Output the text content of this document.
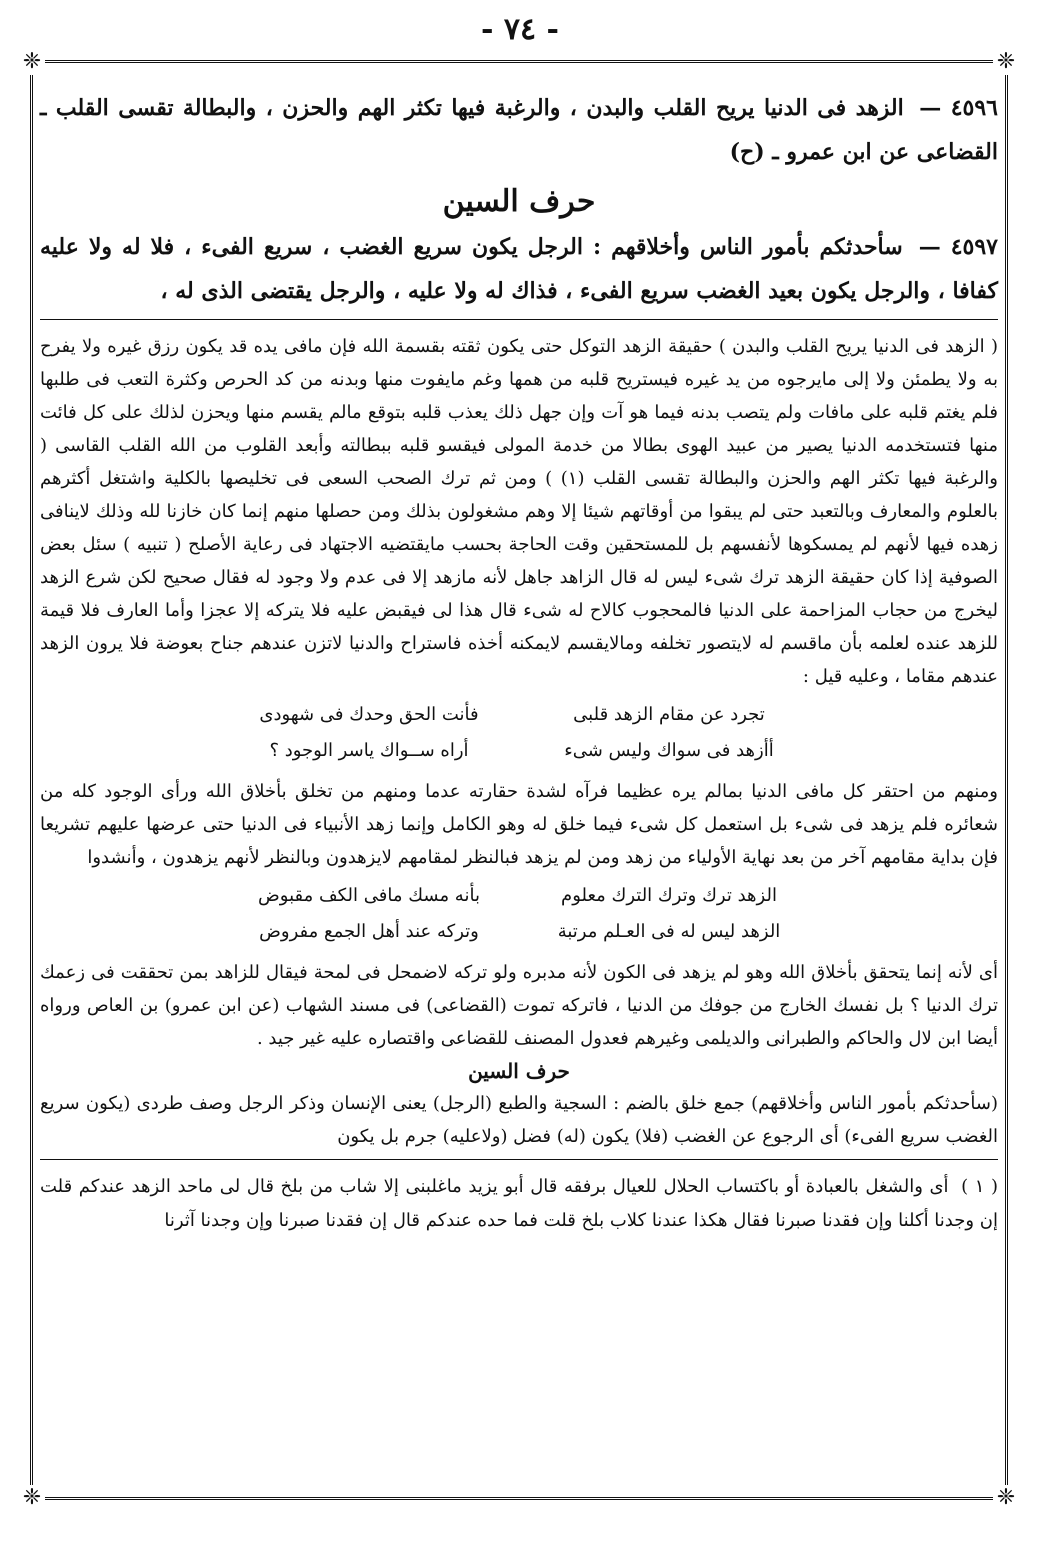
- ٧٤ -
❈	❈
❈	❈

٤٥٩٦ — الزهد فى الدنيا يريح القلب والبدن ، والرغبة فيها تكثر الهم والحزن ، والبطالة تقسى القلب ـ القضاعى عن ابن عمرو ـ (ح)

حرف السين

٤٥٩٧ — سأحدثكم بأمور الناس وأخلاقهم : الرجل يكون سريع الغضب ، سريع الفىء ، فلا له ولا عليه كفافا ، والرجل يكون بعيد الغضب سريع الفىء ، فذاك له ولا عليه ، والرجل يقتضى الذى له ،

( الزهد فى الدنيا يريح القلب والبدن ) حقيقة الزهد التوكل حتى يكون ثقته بقسمة الله فإن مافى يده قد يكون رزق غيره ولا يفرح به ولا يطمئن ولا إلى مايرجوه من يد غيره فيستريح قلبه من همها وغم مايفوت منها وبدنه من كد الحرص وكثرة التعب فى طلبها فلم يغتم قلبه على مافات ولم يتصب بدنه فيما هو آت وإن جهل ذلك يعذب قلبه بتوقع مالم يقسم منها ويحزن لذلك على كل فائت منها فتستخدمه الدنيا يصير من عبيد الهوى بطالا من خدمة المولى فيقسو قلبه ببطالته وأبعد القلوب من الله القلب القاسى ( والرغبة فيها تكثر الهم والحزن والبطالة تقسى القلب (١) ) ومن ثم ترك الصحب السعى فى تخليصها بالكلية واشتغل أكثرهم بالعلوم والمعارف وبالتعبد حتى لم يبقوا من أوقاتهم شيئا إلا وهم مشغولون بذلك ومن حصلها منهم إنما كان خازنا لله وذلك لاينافى زهده فيها لأنهم لم يمسكوها لأنفسهم بل للمستحقين وقت الحاجة بحسب مايقتضيه الاجتهاد فى رعاية الأصلح ( تنبيه ) سئل بعض الصوفية إذا كان حقيقة الزهد ترك شىء ليس له قال الزاهد جاهل لأنه مازهد إلا فى عدم ولا وجود له فقال صحيح لكن شرع الزهد ليخرج من حجاب المزاحمة على الدنيا فالمحجوب كالاح له شىء قال هذا لى فيقبض عليه فلا يتركه إلا عجزا وأما العارف فلا قيمة للزهد عنده لعلمه بأن ماقسم له لايتصور تخلفه ومالايقسم لايمكنه أخذه فاستراح والدنيا لاتزن عندهم جناح بعوضة فلا يرون الزهد عندهم مقاما ، وعليه قيل :

تجرد عن مقام الزهد قلبى
فأنت الحق وحدك فى شهودى
أأزهد فى سواك وليس شىء
أراه ســواك ياسر الوجود ؟

ومنهم من احتقر كل مافى الدنيا بمالم يره عظيما فرآه لشدة حقارته عدما ومنهم من تخلق بأخلاق الله ورأى الوجود كله من شعائره فلم يزهد فى شىء بل استعمل كل شىء فيما خلق له وهو الكامل وإنما زهد الأنبياء فى الدنيا حتى عرضها عليهم تشريعا فإن بداية مقامهم آخر من بعد نهاية الأولياء من زهد ومن لم يزهد فبالنظر لمقامهم لايزهدون وبالنظر لأنهم يزهدون ، وأنشدوا

الزهد ترك وترك الترك معلوم
بأنه مسك مافى الكف مقبوض
الزهد ليس له فى العـلم مرتبة
وتركه عند أهل الجمع مفروض

أى لأنه إنما يتحقق بأخلاق الله وهو لم يزهد فى الكون لأنه مدبره ولو تركه لاضمحل فى لمحة فيقال للزاهد بمن تحققت فى زعمك ترك الدنيا ؟ بل نفسك الخارج من جوفك من الدنيا ، فاتركه تموت (القضاعى) فى مسند الشهاب (عن ابن عمرو) بن العاص ورواه أيضا ابن لال والحاكم والطبرانى والديلمى وغيرهم فعدول المصنف للقضاعى واقتصاره عليه غير جيد .

حرف السين

(سأحدثكم بأمور الناس وأخلاقهم) جمع خلق بالضم : السجية والطبع (الرجل) يعنى الإنسان وذكر الرجل وصف طردى (يكون سريع الغضب سريع الفىء) أى الرجوع عن الغضب (فلا) يكون (له) فضل (ولاعليه) جرم بل يكون

( ١ ) أى والشغل بالعبادة أو باكتساب الحلال للعيال برفقه قال أبو يزيد ماغلبنى إلا شاب من بلخ قال لى ماحد الزهد عندكم قلت إن وجدنا أكلنا وإن فقدنا صبرنا فقال هكذا عندنا كلاب بلخ قلت فما حده عندكم قال إن فقدنا صبرنا وإن وجدنا آثرنا
